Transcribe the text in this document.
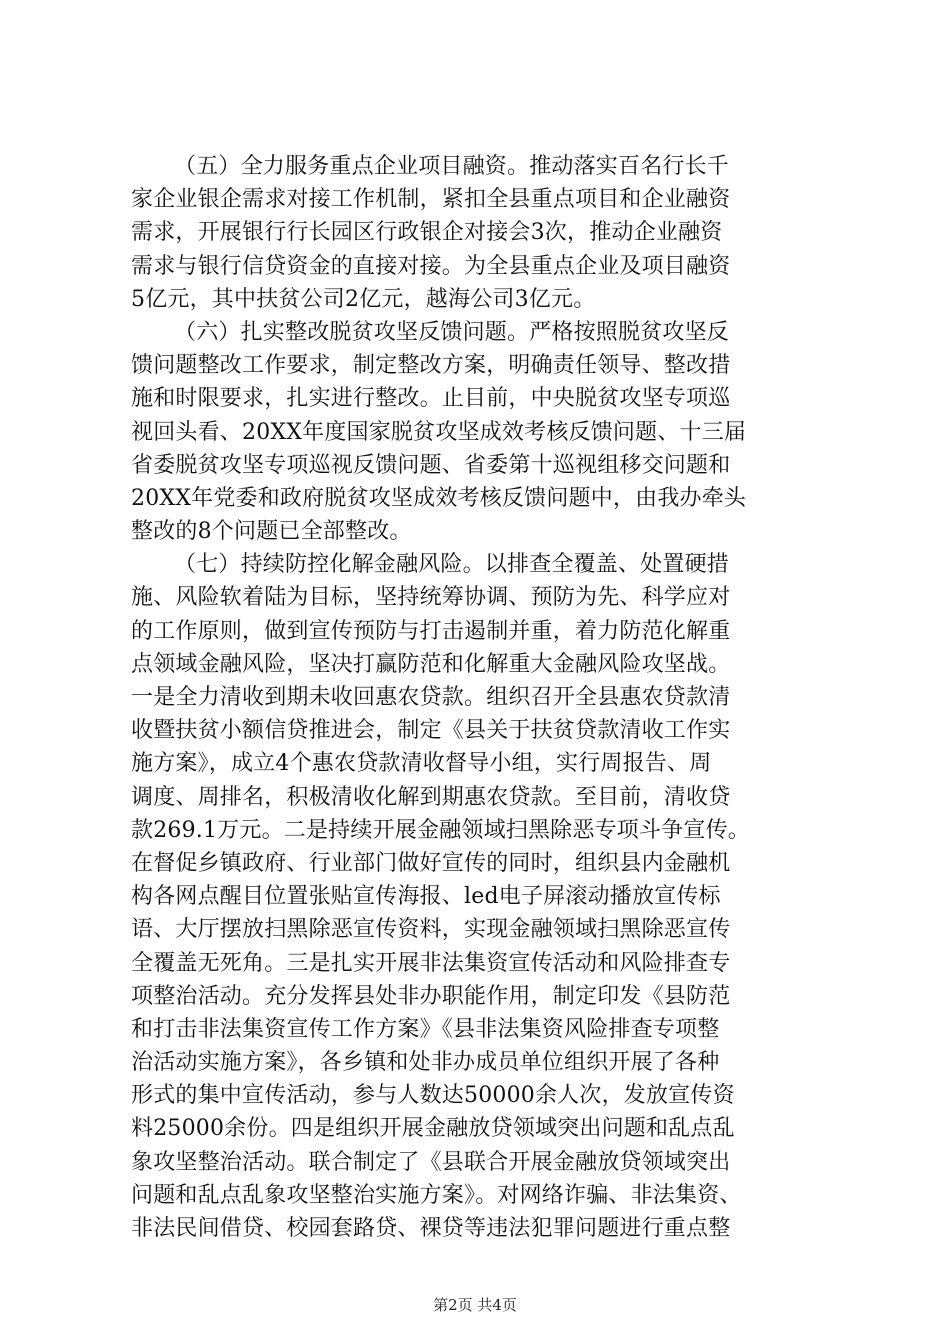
（五）全力服务重点企业项目融资。推动落实百名行长千
家企业银企需求对接工作机制，紧扣全县重点项目和企业融资
需求，开展银行行长园区行政银企对接会3次，推动企业融资
需求与银行信贷资金的直接对接。为全县重点企业及项目融资
5亿元，其中扶贫公司2亿元，越海公司3亿元。
（六）扎实整改脱贫攻坚反馈问题。严格按照脱贫攻坚反
馈问题整改工作要求，制定整改方案，明确责任领导、整改措
施和时限要求，扎实进行整改。止目前，中央脱贫攻坚专项巡
视回头看、20XX年度国家脱贫攻坚成效考核反馈问题、十三届
省委脱贫攻坚专项巡视反馈问题、省委第十巡视组移交问题和
20XX年党委和政府脱贫攻坚成效考核反馈问题中，由我办牵头
整改的8个问题已全部整改。
（七）持续防控化解金融风险。以排查全覆盖、处置硬措
施、风险软着陆为目标，坚持统筹协调、预防为先、科学应对
的工作原则，做到宣传预防与打击遏制并重，着力防范化解重
点领域金融风险，坚决打赢防范和化解重大金融风险攻坚战。
一是全力清收到期未收回惠农贷款。组织召开全县惠农贷款清
收暨扶贫小额信贷推进会，制定《县关于扶贫贷款清收工作实
施方案》，成立4个惠农贷款清收督导小组，实行周报告、周
调度、周排名，积极清收化解到期惠农贷款。至目前，清收贷
款269.1万元。二是持续开展金融领域扫黑除恶专项斗争宣传。
在督促乡镇政府、行业部门做好宣传的同时，组织县内金融机
构各网点醒目位置张贴宣传海报、led电子屏滚动播放宣传标
语、大厅摆放扫黑除恶宣传资料，实现金融领域扫黑除恶宣传
全覆盖无死角。三是扎实开展非法集资宣传活动和风险排查专
项整治活动。充分发挥县处非办职能作用，制定印发《县防范
和打击非法集资宣传工作方案》《县非法集资风险排查专项整
治活动实施方案》，各乡镇和处非办成员单位组织开展了各种
形式的集中宣传活动，参与人数达50000余人次，发放宣传资
料25000余份。四是组织开展金融放贷领域突出问题和乱点乱
象攻坚整治活动。联合制定了《县联合开展金融放贷领域突出
问题和乱点乱象攻坚整治实施方案》。对网络诈骗、非法集资、
非法民间借贷、校园套路贷、裸贷等违法犯罪问题进行重点整
第2页 共4页
